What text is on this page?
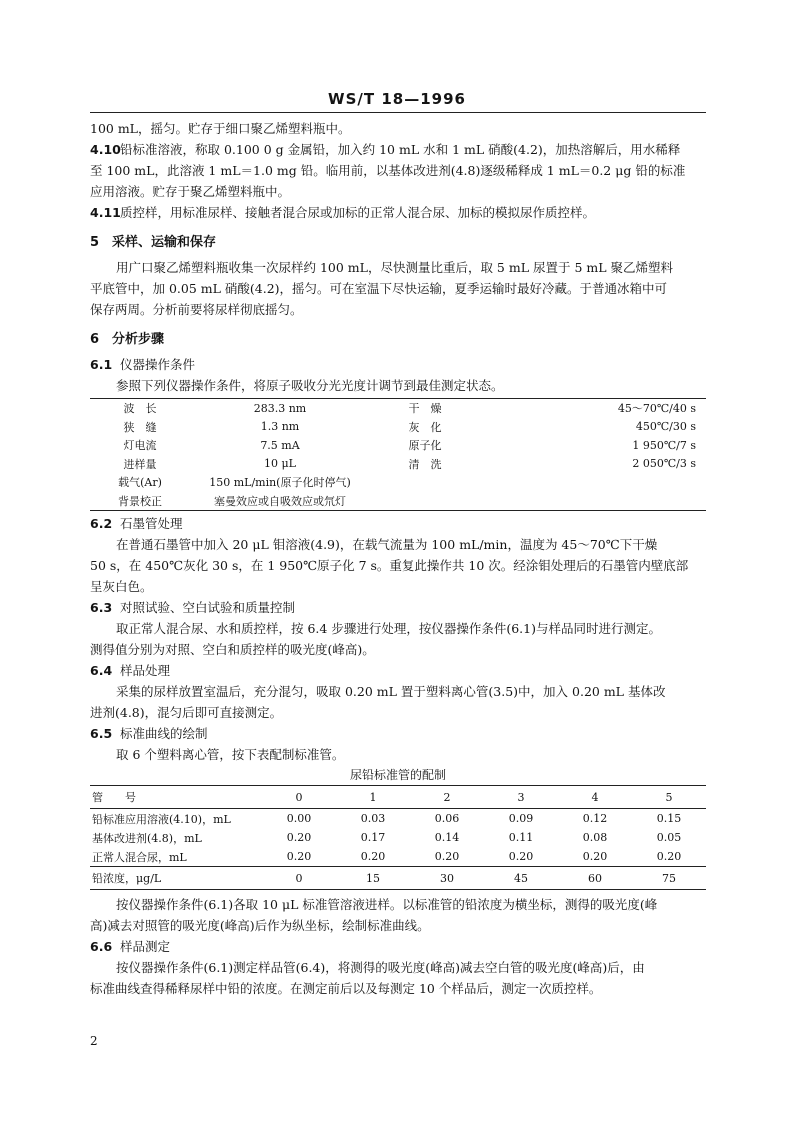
WS/T 18—1996
100 mL，摇匀。贮存于细口聚乙烯塑料瓶中。
4.10铅标准溶液，称取 0.100 0 g 金属铅，加入约 10 mL 水和 1 mL 硝酸(4.2)，加热溶解后，用水稀释
至 100 mL，此溶液 1 mL＝1.0 mg 铅。临用前，以基体改进剂(4.8)逐级稀释成 1 mL＝0.2 μg 铅的标准
应用溶液。贮存于聚乙烯塑料瓶中。
4.11质控样，用标准尿样、接触者混合尿或加标的正常人混合尿、加标的模拟尿作质控样。
5 采样、运输和保存
用广口聚乙烯塑料瓶收集一次尿样约 100 mL，尽快测量比重后，取 5 mL 尿置于 5 mL 聚乙烯塑料
平底管中，加 0.05 mL 硝酸(4.2)，摇匀。可在室温下尽快运输，夏季运输时最好冷藏。于普通冰箱中可
保存两周。分析前要将尿样彻底摇匀。
6 分析步骤
6.1 仪器操作条件
参照下列仪器操作条件，将原子吸收分光光度计调节到最佳测定状态。
波　长	283.3 nm	干　燥	45～70℃/40 s
狭　缝	1.3 nm	灰　化	450℃/30 s
灯电流	7.5 mA	原子化	1 950℃/7 s
进样量	10 μL	清　洗	2 050℃/3 s
载气(Ar)	150 mL/min(原子化时停气)		
背景校正	塞曼效应或自吸效应或氘灯		
6.2 石墨管处理
在普通石墨管中加入 20 μL 钼溶液(4.9)，在载气流量为 100 mL/min，温度为 45～70℃下干燥
50 s，在 450℃灰化 30 s，在 1 950℃原子化 7 s。重复此操作共 10 次。经涂钼处理后的石墨管内壁底部
呈灰白色。
6.3 对照试验、空白试验和质量控制
取正常人混合尿、水和质控样，按 6.4 步骤进行处理，按仪器操作条件(6.1)与样品同时进行测定。
测得值分别为对照、空白和质控样的吸光度(峰高)。
6.4 样品处理
采集的尿样放置室温后，充分混匀，吸取 0.20 mL 置于塑料离心管(3.5)中，加入 0.20 mL 基体改
进剂(4.8)，混匀后即可直接测定。
6.5 标准曲线的绘制
取 6 个塑料离心管，按下表配制标准管。
尿铅标准管的配制
管　　号	0	1	2	3	4	5
铅标准应用溶液(4.10)，mL	0.00	0.03	0.06	0.09	0.12	0.15
基体改进剂(4.8)，mL	0.20	0.17	0.14	0.11	0.08	0.05
正常人混合尿，mL	0.20	0.20	0.20	0.20	0.20	0.20
铅浓度，μg/L	0	15	30	45	60	75
按仪器操作条件(6.1)各取 10 μL 标准管溶液进样。以标准管的铅浓度为横坐标，测得的吸光度(峰
高)减去对照管的吸光度(峰高)后作为纵坐标，绘制标准曲线。
6.6 样品测定
按仪器操作条件(6.1)测定样品管(6.4)，将测得的吸光度(峰高)减去空白管的吸光度(峰高)后，由
标准曲线查得稀释尿样中铅的浓度。在测定前后以及每测定 10 个样品后，测定一次质控样。
2
